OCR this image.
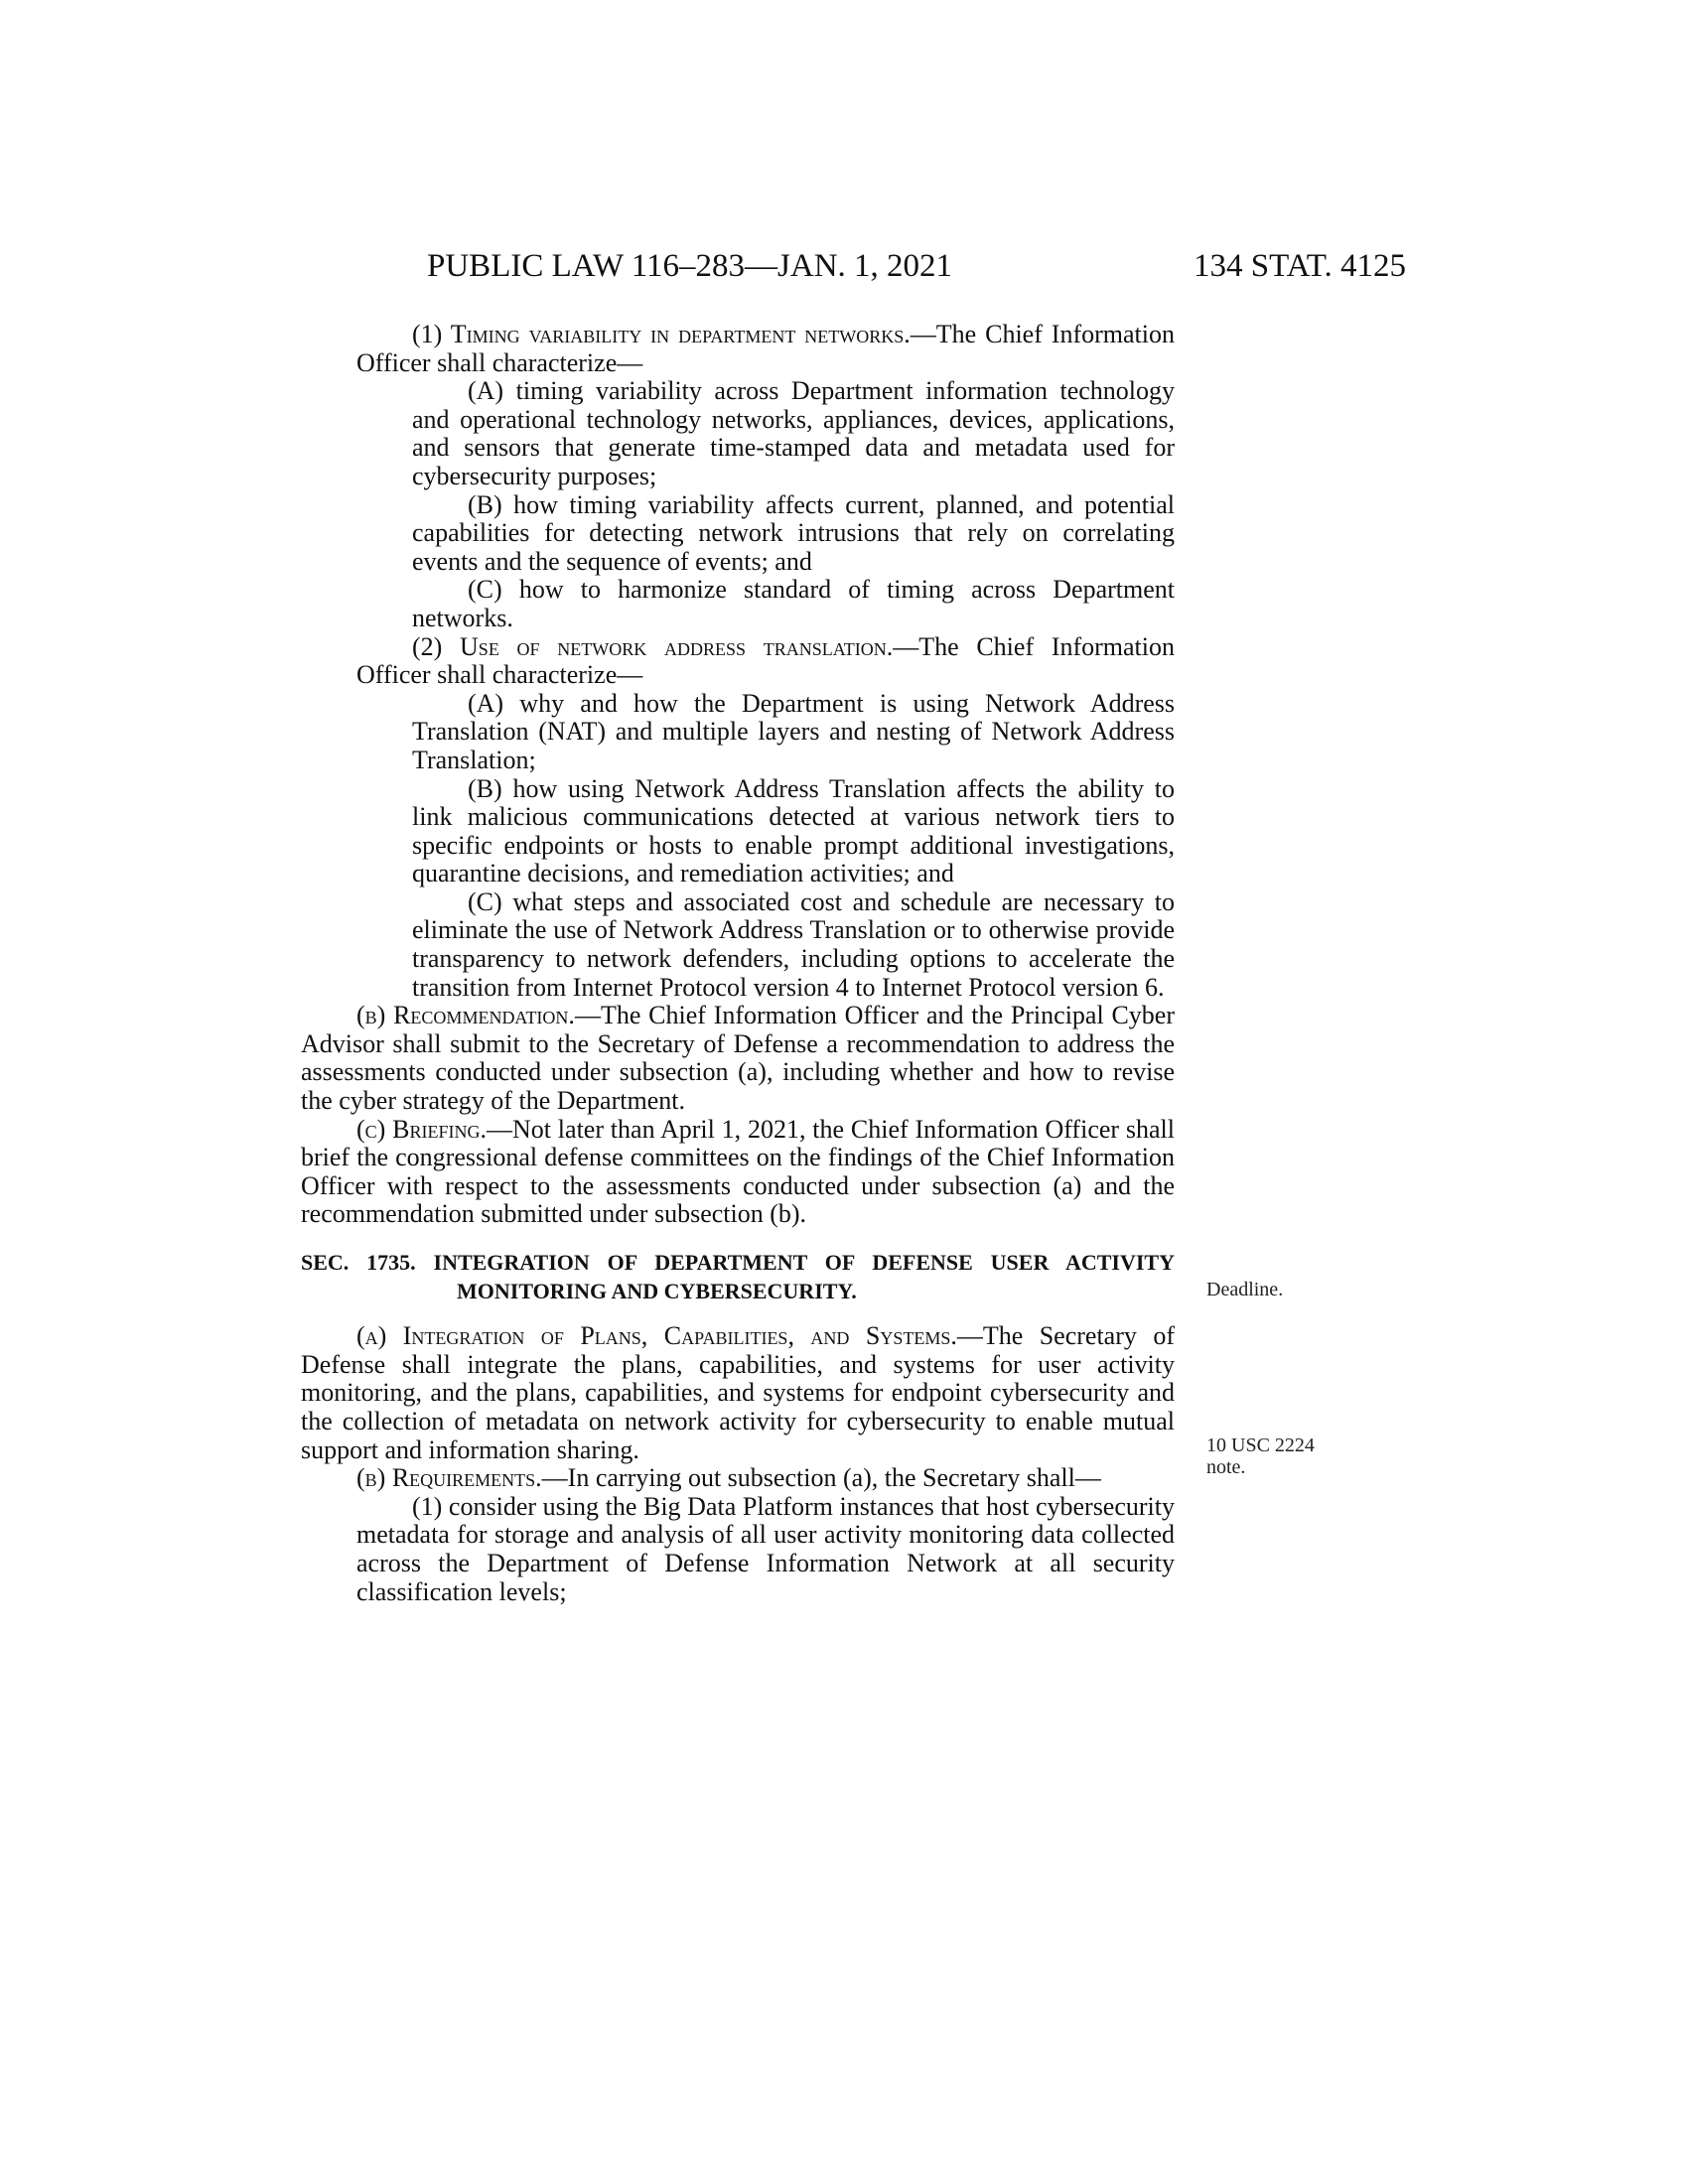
PUBLIC LAW 116–283—JAN. 1, 2021	134 STAT. 4125

(1) Timing variability in department networks.—The Chief Information Officer shall characterize—

(A) timing variability across Department information technology and operational technology networks, appliances, devices, applications, and sensors that generate time-stamped data and metadata used for cybersecurity purposes;

(B) how timing variability affects current, planned, and potential capabilities for detecting network intrusions that rely on correlating events and the sequence of events; and

(C) how to harmonize standard of timing across Department networks.

(2) Use of network address translation.—The Chief Information Officer shall characterize—

(A) why and how the Department is using Network Address Translation (NAT) and multiple layers and nesting of Network Address Translation;

(B) how using Network Address Translation affects the ability to link malicious communications detected at various network tiers to specific endpoints or hosts to enable prompt additional investigations, quarantine decisions, and remediation activities; and

(C) what steps and associated cost and schedule are necessary to eliminate the use of Network Address Translation or to otherwise provide transparency to network defenders, including options to accelerate the transition from Internet Protocol version 4 to Internet Protocol version 6.

(b) Recommendation.—The Chief Information Officer and the Principal Cyber Advisor shall submit to the Secretary of Defense a recommendation to address the assessments conducted under subsection (a), including whether and how to revise the cyber strategy of the Department.

(c) Briefing.—Not later than April 1, 2021, the Chief Information Officer shall brief the congressional defense committees on the findings of the Chief Information Officer with respect to the assessments conducted under subsection (a) and the recommendation submitted under subsection (b).

SEC. 1735. INTEGRATION OF DEPARTMENT OF DEFENSE USER ACTIVITY MONITORING AND CYBERSECURITY.

(a) Integration of Plans, Capabilities, and Systems.—The Secretary of Defense shall integrate the plans, capabilities, and systems for user activity monitoring, and the plans, capabilities, and systems for endpoint cybersecurity and the collection of metadata on network activity for cybersecurity to enable mutual support and information sharing.

(b) Requirements.—In carrying out subsection (a), the Secretary shall—

(1) consider using the Big Data Platform instances that host cybersecurity metadata for storage and analysis of all user activity monitoring data collected across the Department of Defense Information Network at all security classification levels;

Deadline.
10 USC 2224 note.
